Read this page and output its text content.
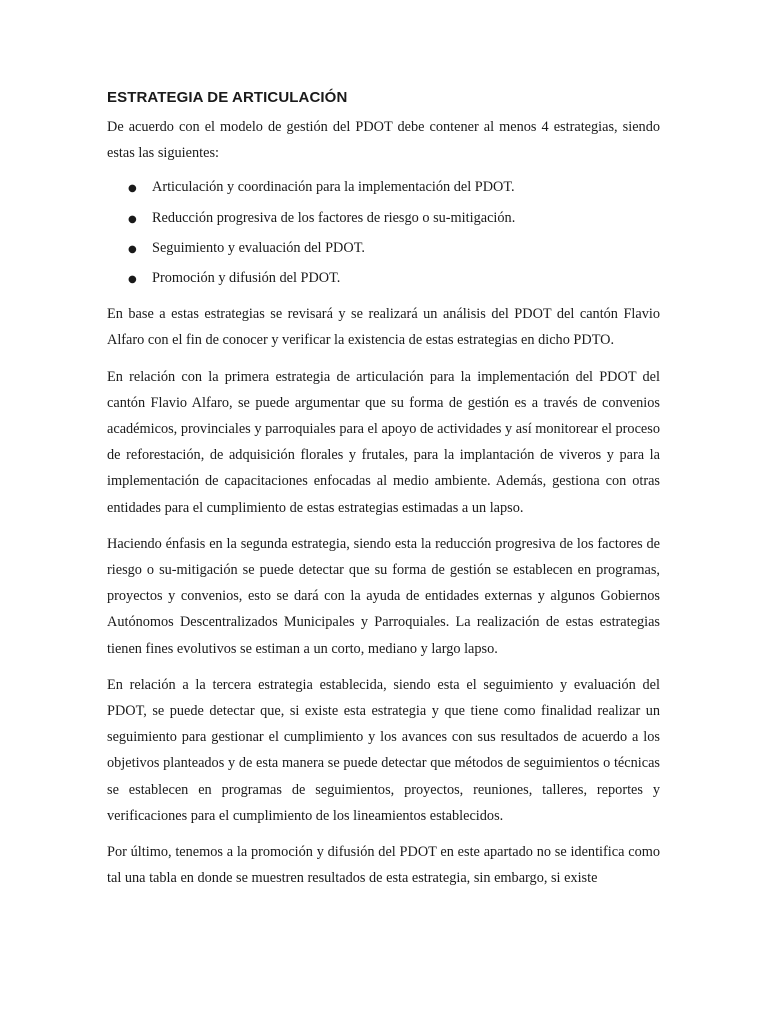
ESTRATEGIA DE ARTICULACIÓN

De acuerdo con el modelo de gestión del PDOT debe contener al menos 4 estrategias, siendo estas las siguientes:

●	Articulación y coordinación para la implementación del PDOT.
●	Reducción progresiva de los factores de riesgo o su-mitigación.
●	Seguimiento y evaluación del PDOT.
●	Promoción y difusión del PDOT.

En base a estas estrategias se revisará y se realizará un análisis del PDOT del cantón Flavio Alfaro con el fin de conocer y verificar la existencia de estas estrategias en dicho PDTO.

En relación con la primera estrategia de articulación para la implementación del PDOT del cantón Flavio Alfaro, se puede argumentar que su forma de gestión es a través de convenios académicos, provinciales y parroquiales para el apoyo de actividades y así monitorear el proceso de reforestación, de adquisición florales y frutales, para la implantación de viveros y para la implementación de capacitaciones enfocadas al medio ambiente. Además, gestiona con otras entidades para el cumplimiento de estas estrategias estimadas a un lapso.

Haciendo énfasis en la segunda estrategia, siendo esta la reducción progresiva de los factores de riesgo o su-mitigación se puede detectar que su forma de gestión se establecen en programas, proyectos y convenios, esto se dará con la ayuda de entidades externas y algunos Gobiernos Autónomos Descentralizados Municipales y Parroquiales. La realización de estas estrategias tienen fines evolutivos se estiman a un corto, mediano y largo lapso.

En relación a la tercera estrategia establecida, siendo esta el seguimiento y evaluación del PDOT, se puede detectar que, si existe esta estrategia y que tiene como finalidad realizar un seguimiento para gestionar el cumplimiento y los avances con sus resultados de acuerdo a los objetivos planteados y de esta manera se puede detectar que métodos de seguimientos o técnicas se establecen en programas de seguimientos, proyectos, reuniones, talleres, reportes y verificaciones para el cumplimiento de los lineamientos establecidos.

Por último, tenemos a la promoción y difusión del PDOT en este apartado no se identifica como tal una tabla en donde se muestren resultados de esta estrategia, sin embargo, si existe
